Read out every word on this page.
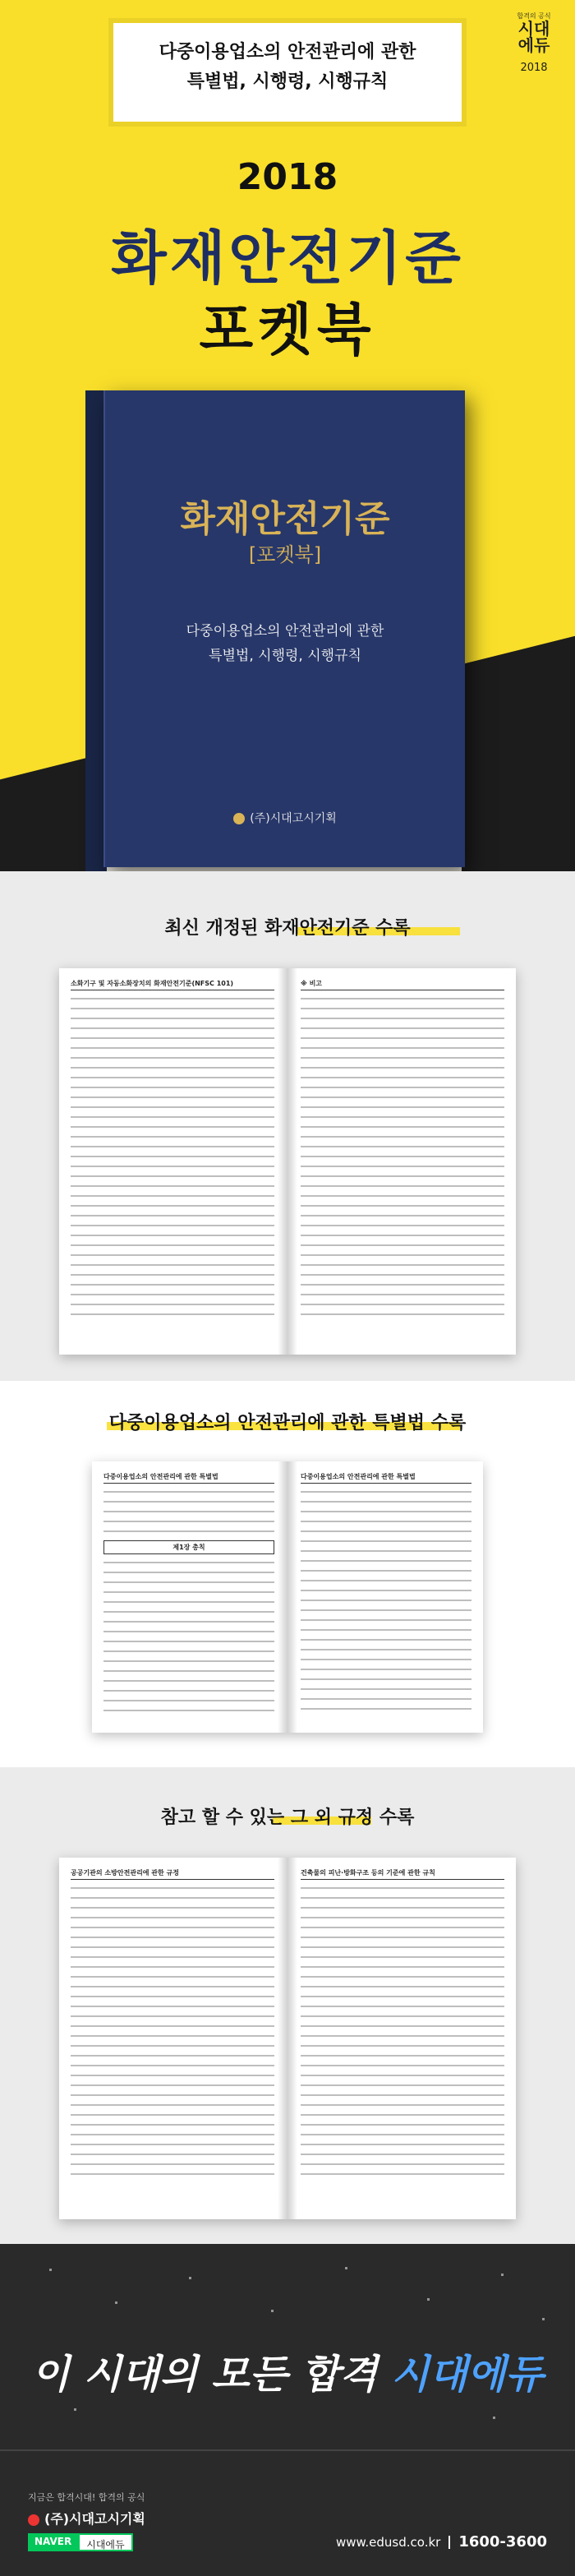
합격의 공식
시대에듀
2018
다중이용업소의 안전관리에 관한
특별법, 시행령, 시행규칙
2018
화재안전기준
포켓북
화재안전기준
[포켓북]
다중이용업소의 안전관리에 관한
특별법, 시행령, 시행규칙
(주)시대고시기획
최신 개정된 화재안전기준 수록
소화기구 및 자동소화장치의 화재안전기준(NFSC 101)	※ 비고
다중이용업소의 안전관리에 관한 특별법 수록
다중이용업소의 안전관리에 관한 특별법
제1장 총칙
다중이용업소의 안전관리에 관한 특별법
참고 할 수 있는 그 외 규정 수록
공공기관의 소방안전관리에 관한 규정	건축물의 피난·방화구조 등의 기준에 관한 규칙
이 시대의 모든 합격 시대에듀
지금은 합격시대! 합격의 공식
(주)시대고시기획
NAVER	시대에듀	www.edusd.co.kr 1600-3600
